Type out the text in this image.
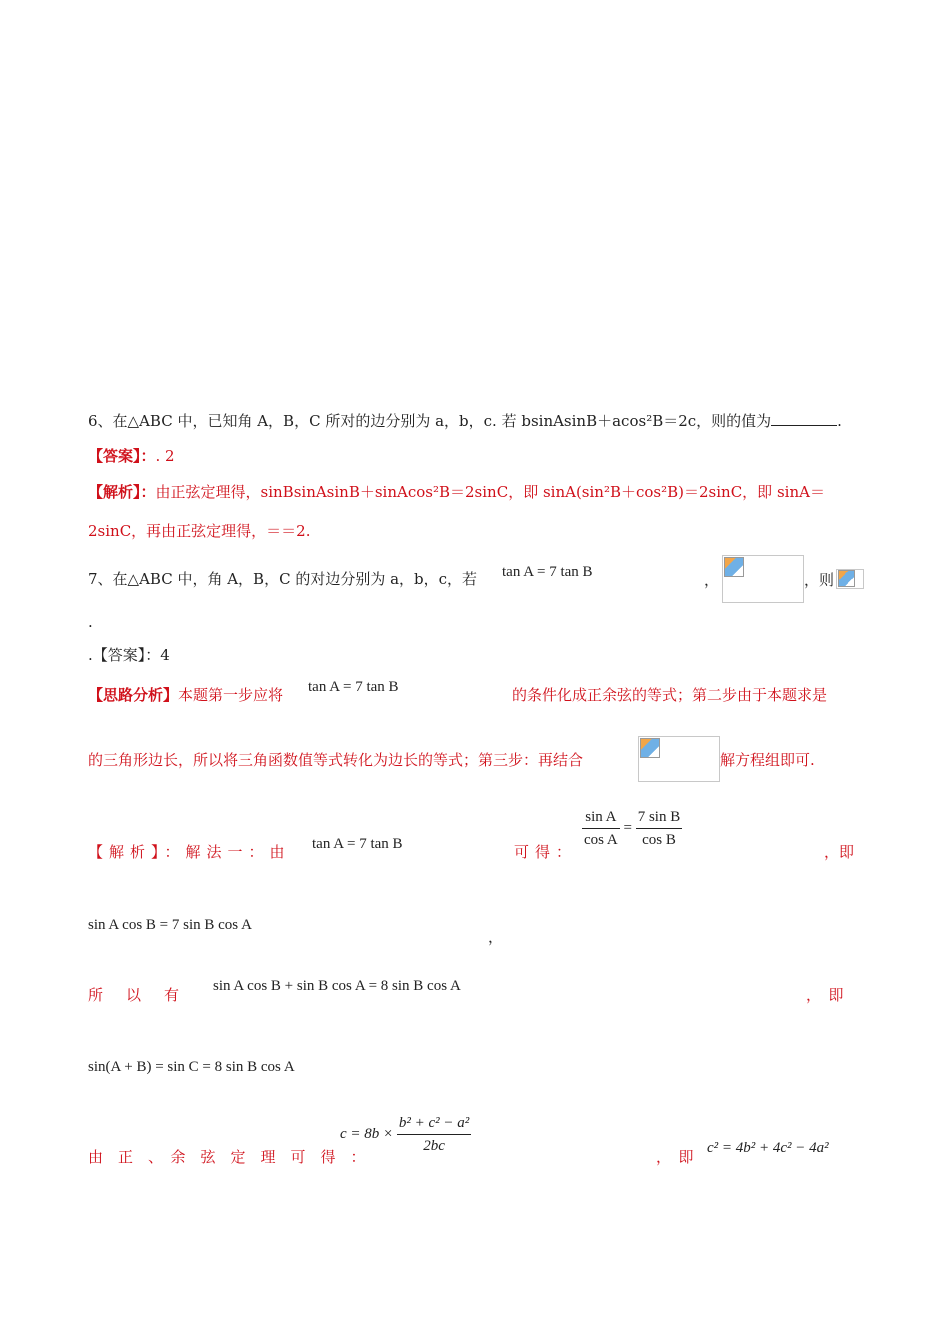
6、在△ABC 中，已知角 A，B，C 所对的边分别为 a，b，c. 若 bsinAsinB＋acos²B＝2c，则的值为	.
【答案】：. 2
【解析】：由正弦定理得，sinBsinAsinB＋sinAcos²B＝2sinC，即 sinA(sin²B＋cos²B)＝2sinC，即 sinA＝
2sinC，再由正弦定理得，＝＝2.
7、在△ABC 中，角 A，B，C 的对边分别为 a，b，c，若 tan A = 7 tan B
，	，则
.
.【答案】：4
【思路分析】本题第一步应将 tan A = 7 tan B	的条件化成正余弦的等式；第二步由于本题求是
的三角形边长，所以将三角函数值等式转化为边长的等式；第三步：再结合	解方程组即可.
【解析】：解法一：由 tan A = 7 tan B	可得：
$\frac{\text{sin A}}{\text{cos A}} = \frac{\text{7 sin B}}{\text{cos B}}$
，即
sin A cos B = 7 sin B cos A
，
所　以　有 sin A cos B + sin B cos A = 8 sin B cos A	，　即
sin(A + B) = sin C = 8 sin B cos A
由　正　、　余　弦　定　理　可　得　：
$c = 8b \times \frac{\text{b² + c² − a²}}{2bc}$	，　即 c² = 4b² + 4c² − 4a²
